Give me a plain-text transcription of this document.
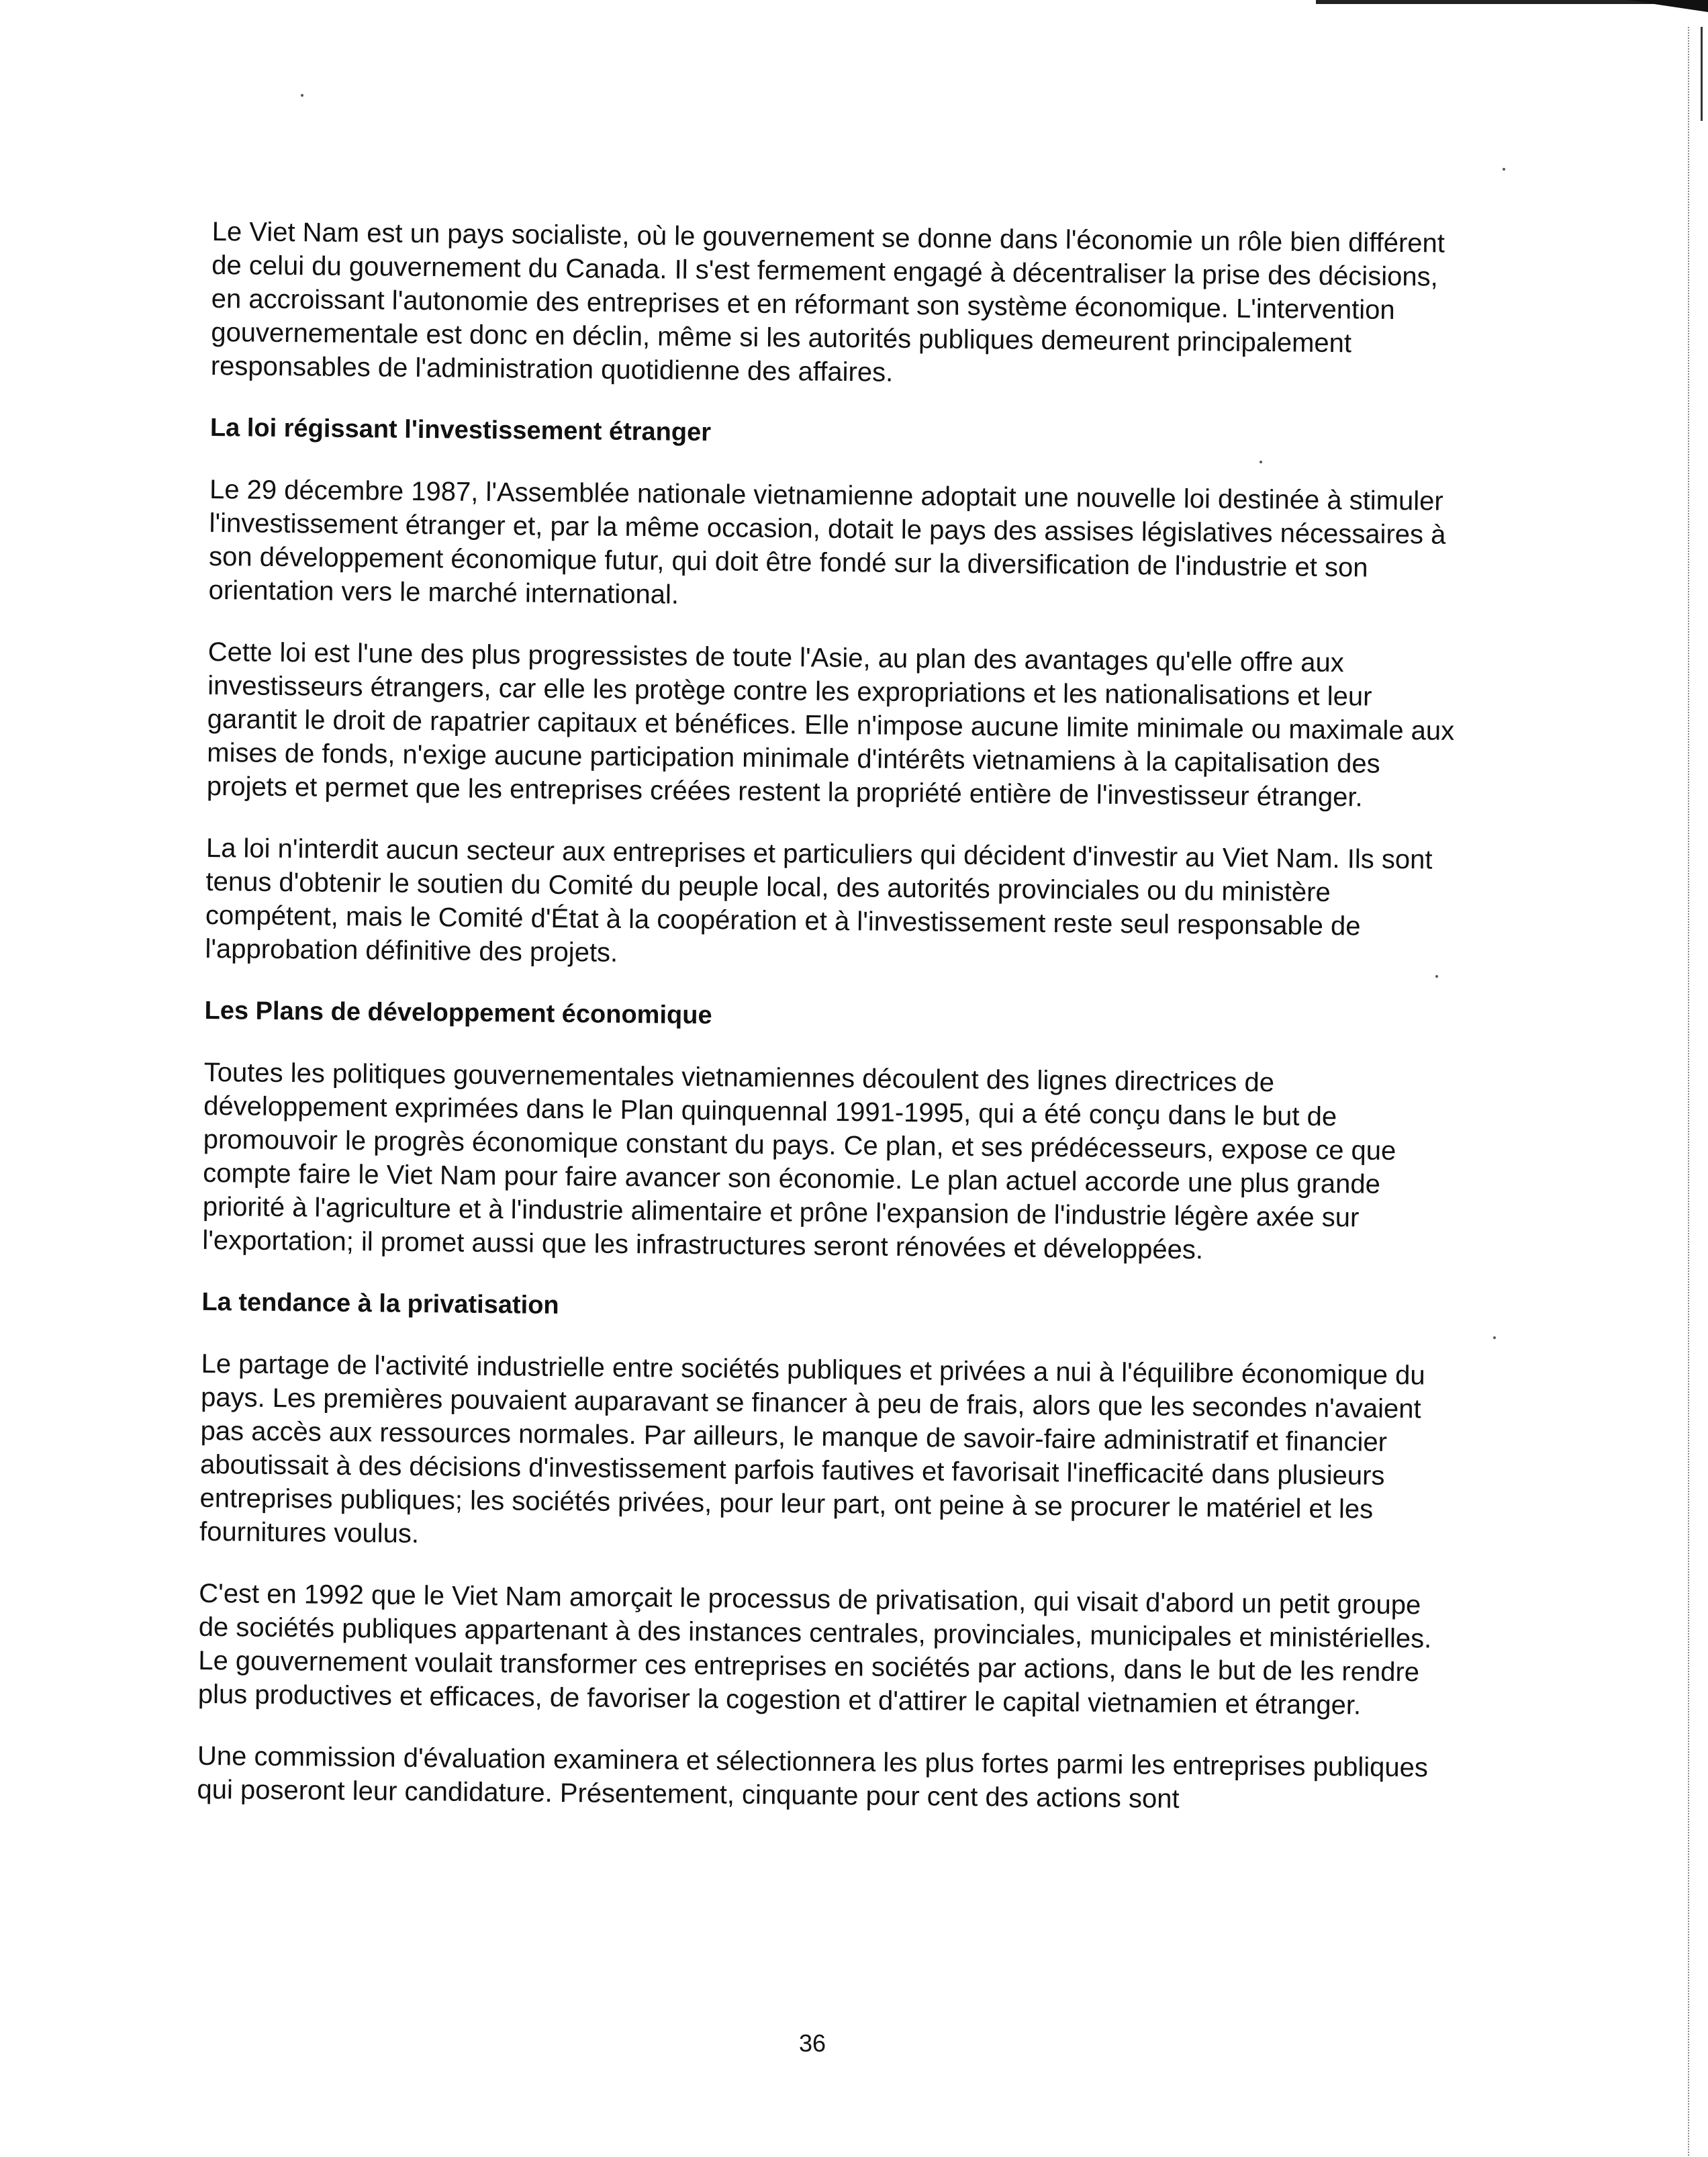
Le Viet Nam est un pays socialiste, où le gouvernement se donne dans l'économie un rôle bien différent de celui du gouvernement du Canada. Il s'est fermement engagé à décentraliser la prise des décisions, en accroissant l'autonomie des entreprises et en réformant son système économique. L'intervention gouvernementale est donc en déclin, même si les autorités publiques demeurent principalement responsables de l'administration quotidienne des affaires.

La loi régissant l'investissement étranger

Le 29 décembre 1987, l'Assemblée nationale vietnamienne adoptait une nouvelle loi destinée à stimuler l'investissement étranger et, par la même occasion, dotait le pays des assises législatives nécessaires à son développement économique futur, qui doit être fondé sur la diversification de l'industrie et son orientation vers le marché international.

Cette loi est l'une des plus progressistes de toute l'Asie, au plan des avantages qu'elle offre aux investisseurs étrangers, car elle les protège contre les expropriations et les nationalisations et leur garantit le droit de rapatrier capitaux et bénéfices. Elle n'impose aucune limite minimale ou maximale aux mises de fonds, n'exige aucune participation minimale d'intérêts vietnamiens à la capitalisation des projets et permet que les entreprises créées restent la propriété entière de l'investisseur étranger.

La loi n'interdit aucun secteur aux entreprises et particuliers qui décident d'investir au Viet Nam. Ils sont tenus d'obtenir le soutien du Comité du peuple local, des autorités provinciales ou du ministère compétent, mais le Comité d'État à la coopération et à l'investissement reste seul responsable de l'approbation définitive des projets.

Les Plans de développement économique

Toutes les politiques gouvernementales vietnamiennes découlent des lignes directrices de développement exprimées dans le Plan quinquennal 1991-1995, qui a été conçu dans le but de promouvoir le progrès économique constant du pays. Ce plan, et ses prédécesseurs, expose ce que compte faire le Viet Nam pour faire avancer son économie. Le plan actuel accorde une plus grande priorité à l'agriculture et à l'industrie alimentaire et prône l'expansion de l'industrie légère axée sur l'exportation; il promet aussi que les infrastructures seront rénovées et développées.

La tendance à la privatisation

Le partage de l'activité industrielle entre sociétés publiques et privées a nui à l'équilibre économique du pays. Les premières pouvaient auparavant se financer à peu de frais, alors que les secondes n'avaient pas accès aux ressources normales. Par ailleurs, le manque de savoir-faire administratif et financier aboutissait à des décisions d'investissement parfois fautives et favorisait l'inefficacité dans plusieurs entreprises publiques; les sociétés privées, pour leur part, ont peine à se procurer le matériel et les fournitures voulus.

C'est en 1992 que le Viet Nam amorçait le processus de privatisation, qui visait d'abord un petit groupe de sociétés publiques appartenant à des instances centrales, provinciales, municipales et ministérielles. Le gouvernement voulait transformer ces entreprises en sociétés par actions, dans le but de les rendre plus productives et efficaces, de favoriser la cogestion et d'attirer le capital vietnamien et étranger.

Une commission d'évaluation examinera et sélectionnera les plus fortes parmi les entreprises publiques qui poseront leur candidature. Présentement, cinquante pour cent des actions sont

36
